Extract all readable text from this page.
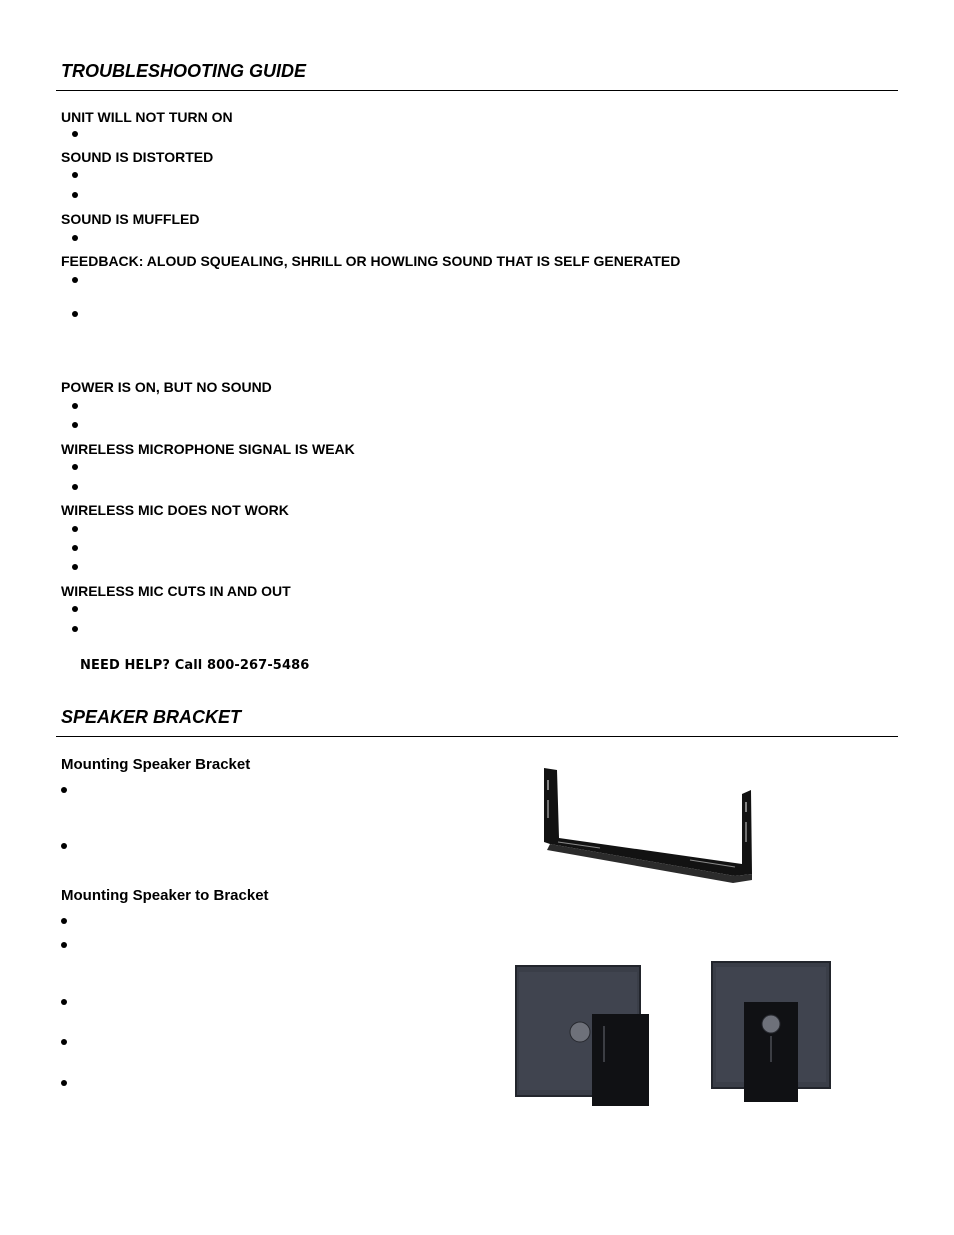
TROUBLESHOOTING GUIDE
UNIT WILL NOT TURN ON
SOUND IS DISTORTED
SOUND IS MUFFLED
FEEDBACK: ALOUD SQUEALING, SHRILL OR HOWLING SOUND THAT IS SELF GENERATED
POWER IS ON, BUT NO SOUND
WIRELESS MICROPHONE SIGNAL IS WEAK
WIRELESS MIC DOES NOT WORK
WIRELESS MIC CUTS IN AND OUT
NEED HELP? Call 800-267-5486
SPEAKER BRACKET
Mounting Speaker Bracket
Mounting Speaker to Bracket
